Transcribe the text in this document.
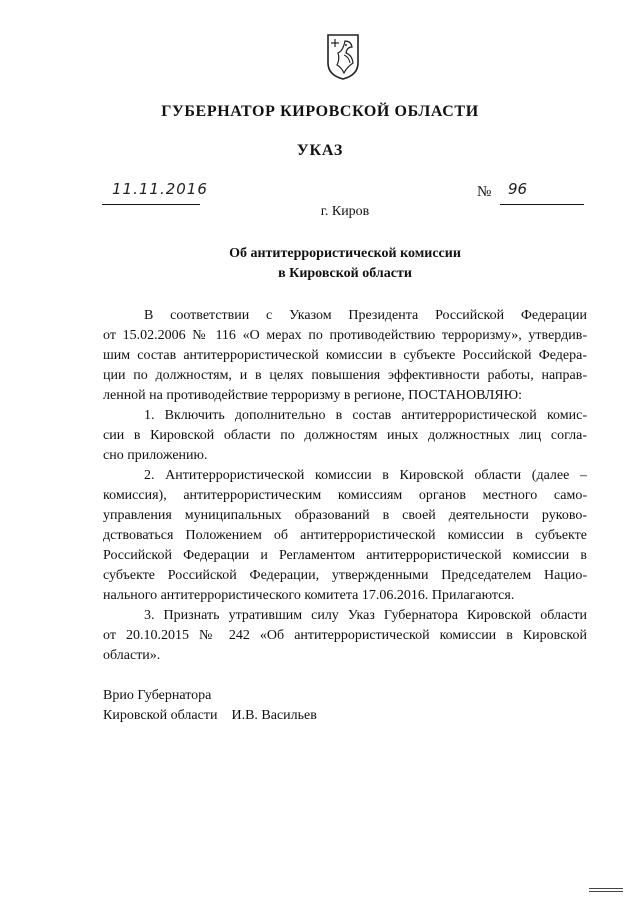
ГУБЕРНАТОР КИРОВСКОЙ ОБЛАСТИ
УКАЗ
11.11.2016	№ 96
г. Киров
Об антитеррористической комиссии
в Кировской области
В соответствии с Указом Президента Российской Федерации
от 15.02.2006 № 116 «О мерах по противодействию терроризму», утвердив-
шим состав антитеррористической комиссии в субъекте Российской Федера-
ции по должностям, и в целях повышения эффективности работы, направ-
ленной на противодействие терроризму в регионе, ПОСТАНОВЛЯЮ:
1. Включить дополнительно в состав антитеррористической комис-
сии в Кировской области по должностям иных должностных лиц согла-
сно приложению.
2. Антитеррористической комиссии в Кировской области (далее –
комиссия), антитеррористическим комиссиям органов местного само-
управления муниципальных образований в своей деятельности руково-
дствоваться Положением об антитеррористической комиссии в субъекте
Российской Федерации и Регламентом антитеррористической комиссии в
субъекте Российской Федерации, утвержденными Председателем Нацио-
нального антитеррористического комитета 17.06.2016. Прилагаются.
3. Признать утратившим силу Указ Губернатора Кировской области
от 20.10.2015 № 242 «Об антитеррористической комиссии в Кировской
области».
Врио Губернатора
Кировской области И.В. Васильев
